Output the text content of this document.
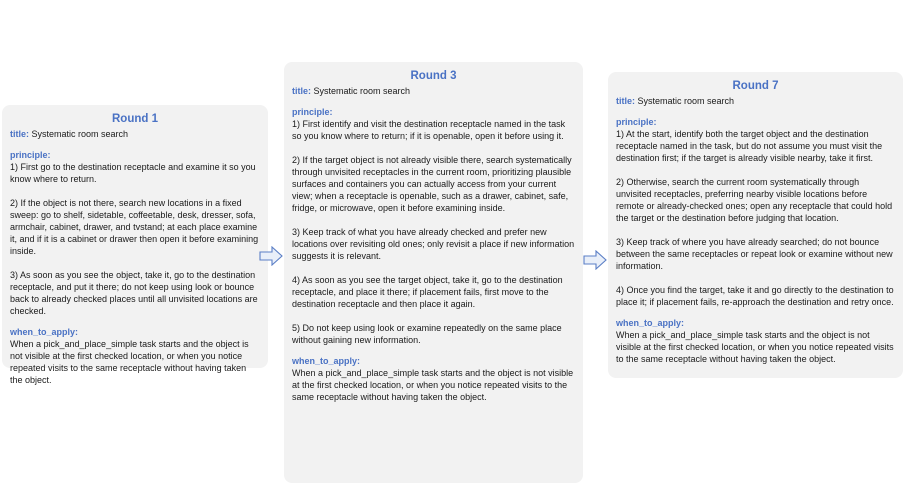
Round 1
title: Systematic room search
principle:

1) First go to the destination receptacle and examine it so you know where to return.

2) If the object is not there, search new locations in a fixed sweep: go to shelf, sidetable, coffeetable, desk, dresser, sofa, armchair, cabinet, drawer, and tvstand; at each place examine it, and if it is a cabinet or drawer then open it before examining inside.

3) As soon as you see the object, take it, go to the destination receptacle, and put it there; do not keep using look or bounce back to already checked places until all unvisited locations are checked.

when_to_apply:

When a pick_and_place_simple task starts and the object is not visible at the first checked location, or when you notice repeated visits to the same receptacle without having taken the object.

Round 3
title: Systematic room search
principle:

1) First identify and visit the destination receptacle named in the task so you know where to return; if it is openable, open it before using it.

2) If the target object is not already visible there, search systematically through unvisited receptacles in the current room, prioritizing plausible surfaces and containers you can actually access from your current view; when a receptacle is openable, such as a drawer, cabinet, safe, fridge, or microwave, open it before examining inside.

3) Keep track of what you have already checked and prefer new locations over revisiting old ones; only revisit a place if new information suggests it is relevant.

4) As soon as you see the target object, take it, go to the destination receptacle, and place it there; if placement fails, first move to the destination receptacle and then place it again.

5) Do not keep using look or examine repeatedly on the same place without gaining new information.

when_to_apply:

When a pick_and_place_simple task starts and the object is not visible at the first checked location, or when you notice repeated visits to the same receptacle without having taken the object.

Round 7
title: Systematic room search
principle:

1) At the start, identify both the target object and the destination receptacle named in the task, but do not assume you must visit the destination first; if the target is already visible nearby, take it first.

2) Otherwise, search the current room systematically through unvisited receptacles, preferring nearby visible locations before remote or already-checked ones; open any receptacle that could hold the target or the destination before judging that location.

3) Keep track of where you have already searched; do not bounce between the same receptacles or repeat look or examine without new information.

4) Once you find the target, take it and go directly to the destination to place it; if placement fails, re-approach the destination and retry once.

when_to_apply:

When a pick_and_place_simple task starts and the object is not visible at the first checked location, or when you notice repeated visits to the same receptacle without having taken the object.
